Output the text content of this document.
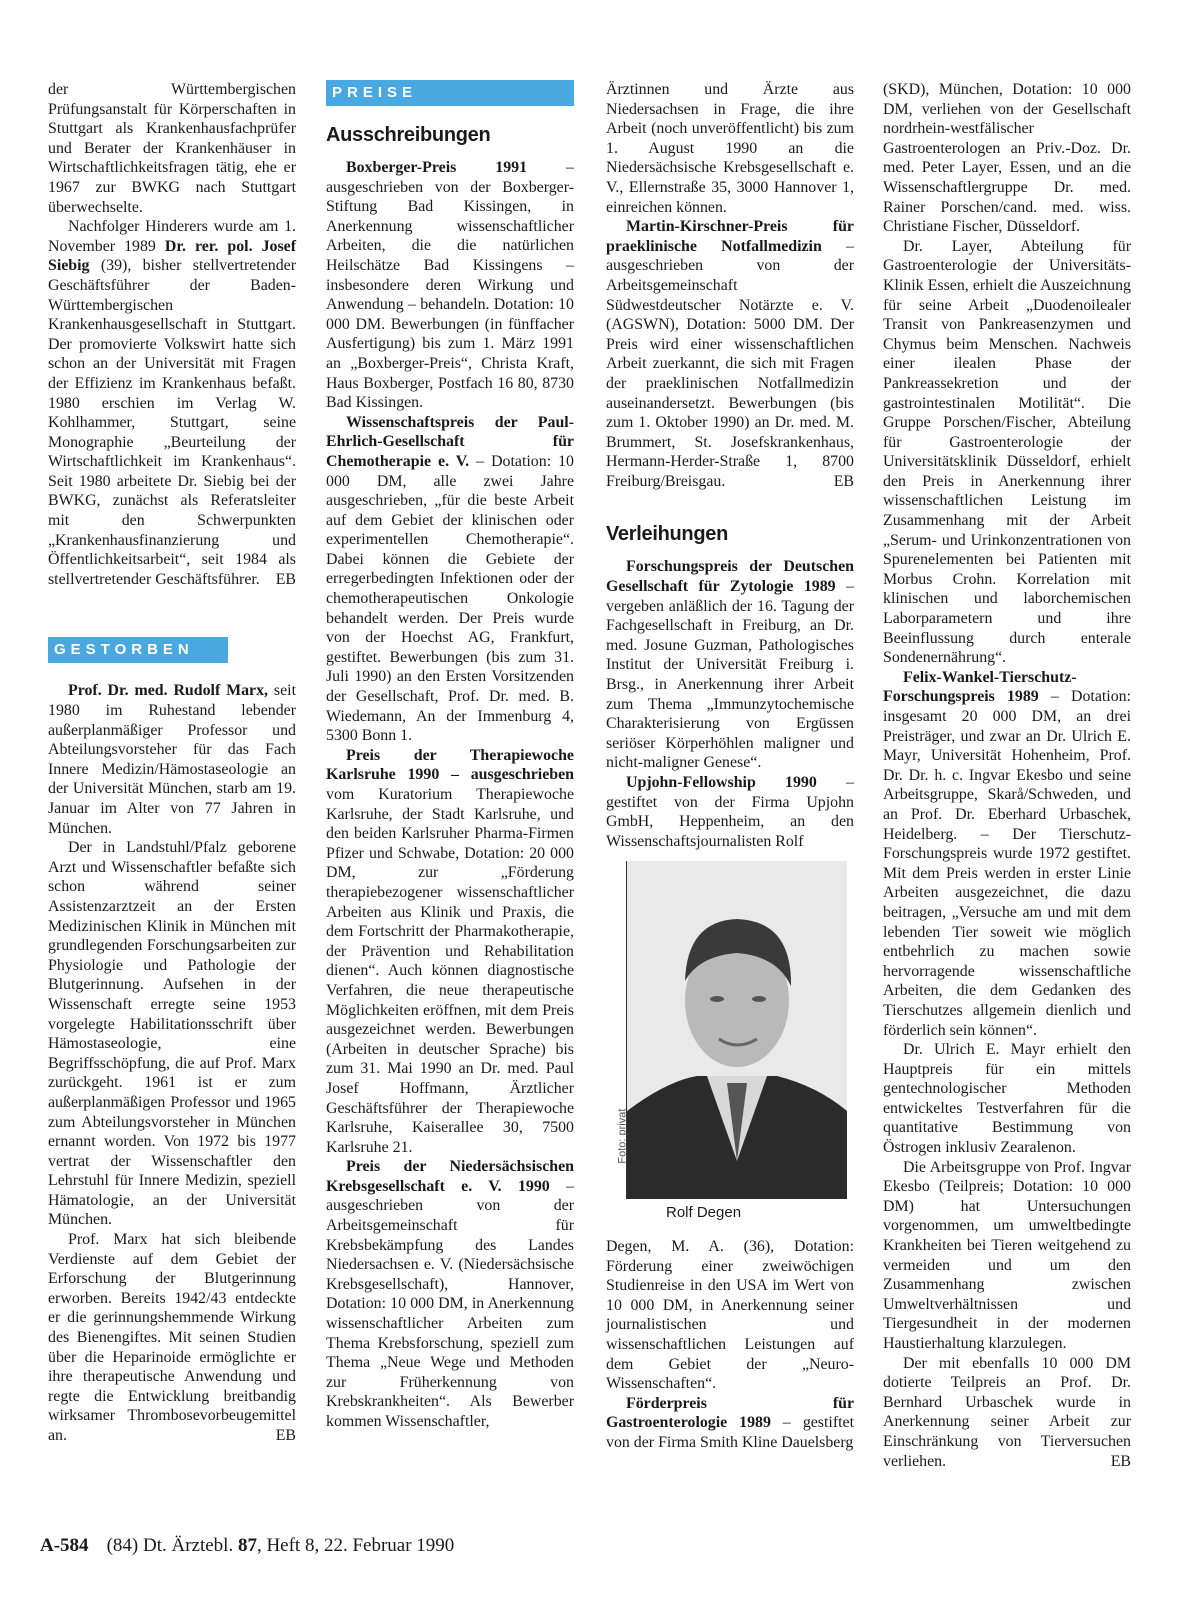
der Württembergischen Prüfungsanstalt für Körperschaften in Stuttgart als Krankenhausfachprüfer und Berater der Krankenhäuser in Wirtschaftlichkeitsfragen tätig, ehe er 1967 zur BWKG nach Stuttgart überwechselte.

Nachfolger Hinderers wurde am 1. November 1989 Dr. rer. pol. Josef Siebig (39), bisher stellvertretender Geschäftsführer der Baden-Württembergischen Krankenhausgesellschaft in Stuttgart. Der promovierte Volkswirt hatte sich schon an der Universität mit Fragen der Effizienz im Krankenhaus befaßt. 1980 erschien im Verlag W. Kohlhammer, Stuttgart, seine Monographie „Beurteilung der Wirtschaftlichkeit im Krankenhaus“. Seit 1980 arbeitete Dr. Siebig bei der BWKG, zunächst als Referatsleiter mit den Schwerpunkten „Krankenhausfinanzierung und Öffentlichkeitsarbeit“, seit 1984 als stellvertretender Geschäftsführer. EB

GESTORBEN

Prof. Dr. med. Rudolf Marx, seit 1980 im Ruhestand lebender außerplanmäßiger Professor und Abteilungsvorsteher für das Fach Innere Medizin/Hämostaseologie an der Universität München, starb am 19. Januar im Alter von 77 Jahren in München.

Der in Landstuhl/Pfalz geborene Arzt und Wissenschaftler befaßte sich schon während seiner Assistenzarztzeit an der Ersten Medizinischen Klinik in München mit grundlegenden Forschungsarbeiten zur Physiologie und Pathologie der Blutgerinnung. Aufsehen in der Wissenschaft erregte seine 1953 vorgelegte Habilitationsschrift über Hämostaseologie, eine Begriffsschöpfung, die auf Prof. Marx zurückgeht. 1961 ist er zum außerplanmäßigen Professor und 1965 zum Abteilungsvorsteher in München ernannt worden. Von 1972 bis 1977 vertrat der Wissenschaftler den Lehrstuhl für Innere Medizin, speziell Hämatologie, an der Universität München.

Prof. Marx hat sich bleibende Verdienste auf dem Gebiet der Erforschung der Blutgerinnung erworben. Bereits 1942/43 entdeckte er die gerinnungshemmende Wirkung des Bienengiftes. Mit seinen Studien über die Heparinoide ermöglichte er ihre therapeutische Anwendung und regte die Entwicklung breitbandig wirksamer Thrombosevorbeugemittel an.	EB

PREISE
Ausschreibungen

Boxberger-Preis 1991 – ausgeschrieben von der Boxberger-Stiftung Bad Kissingen, in Anerkennung wissenschaftlicher Arbeiten, die die natürlichen Heilschätze Bad Kissingens – insbesondere deren Wirkung und Anwendung – behandeln. Dotation: 10 000 DM. Bewerbungen (in fünffacher Ausfertigung) bis zum 1. März 1991 an „Boxberger-Preis“, Christa Kraft, Haus Boxberger, Postfach 16 80, 8730 Bad Kissingen.

Wissenschaftspreis der Paul-Ehrlich-Gesellschaft für Chemotherapie e. V. – Dotation: 10 000 DM, alle zwei Jahre ausgeschrieben, „für die beste Arbeit auf dem Gebiet der klinischen oder experimentellen Chemotherapie“. Dabei können die Gebiete der erregerbedingten Infektionen oder der chemotherapeutischen Onkologie behandelt werden. Der Preis wurde von der Hoechst AG, Frankfurt, gestiftet. Bewerbungen (bis zum 31. Juli 1990) an den Ersten Vorsitzenden der Gesellschaft, Prof. Dr. med. B. Wiedemann, An der Immenburg 4, 5300 Bonn 1.

Preis der Therapiewoche Karlsruhe 1990 – ausgeschrieben vom Kuratorium Therapiewoche Karlsruhe, der Stadt Karlsruhe, und den beiden Karlsruher Pharma-Firmen Pfizer und Schwabe, Dotation: 20 000 DM, zur „Förderung therapiebezogener wissenschaftlicher Arbeiten aus Klinik und Praxis, die dem Fortschritt der Pharmakotherapie, der Prävention und Rehabilitation dienen“. Auch können diagnostische Verfahren, die neue therapeutische Möglichkeiten eröffnen, mit dem Preis ausgezeichnet werden. Bewerbungen (Arbeiten in deutscher Sprache) bis zum 31. Mai 1990 an Dr. med. Paul Josef Hoffmann, Ärztlicher Geschäftsführer der Therapiewoche Karlsruhe, Kaiserallee 30, 7500 Karlsruhe 21.

Preis der Niedersächsischen Krebsgesellschaft e. V. 1990 – ausgeschrieben von der Arbeitsgemeinschaft für Krebsbekämpfung des Landes Niedersachsen e. V. (Niedersächsische Krebsgesellschaft), Hannover, Dotation: 10 000 DM, in Anerkennung wissenschaftlicher Arbeiten zum Thema Krebsforschung, speziell zum Thema „Neue Wege und Methoden zur Früherkennung von Krebskrankheiten“. Als Bewerber kommen Wissenschaftler,

Ärztinnen und Ärzte aus Niedersachsen in Frage, die ihre Arbeit (noch unveröffentlicht) bis zum 1. August 1990 an die Niedersächsische Krebsgesellschaft e. V., Ellernstraße 35, 3000 Hannover 1, einreichen können.

Martin-Kirschner-Preis für praeklinische Notfallmedizin – ausgeschrieben von der Arbeitsgemeinschaft Südwestdeutscher Notärzte e. V. (AGSWN), Dotation: 5000 DM. Der Preis wird einer wissenschaftlichen Arbeit zuerkannt, die sich mit Fragen der praeklinischen Notfallmedizin auseinandersetzt. Bewerbungen (bis zum 1. Oktober 1990) an Dr. med. M. Brummert, St. Josefskrankenhaus, Hermann-Herder-Straße 1, 8700 Freiburg/Breisgau.	EB

Verleihungen

Forschungspreis der Deutschen Gesellschaft für Zytologie 1989 – vergeben anläßlich der 16. Tagung der Fachgesellschaft in Freiburg, an Dr. med. Josune Guzman, Pathologisches Institut der Universität Freiburg i. Brsg., in Anerkennung ihrer Arbeit zum Thema „Immunzytochemische Charakterisierung von Ergüssen seriöser Körperhöhlen maligner und nicht-maligner Genese“.

Upjohn-Fellowship 1990 – gestiftet von der Firma Upjohn GmbH, Heppenheim, an den Wissenschaftsjournalisten Rolf

Foto: privat
Rolf Degen

Degen, M. A. (36), Dotation: Förderung einer zweiwöchigen Studienreise in den USA im Wert von 10 000 DM, in Anerkennung seiner journalistischen und wissenschaftlichen Leistungen auf dem Gebiet der „Neuro-Wissenschaften“.

Förderpreis für Gastroenterologie 1989 – gestiftet von der Firma Smith Kline Dauelsberg

(SKD), München, Dotation: 10 000 DM, verliehen von der Gesellschaft nordrhein-westfälischer Gastroenterologen an Priv.-Doz. Dr. med. Peter Layer, Essen, und an die Wissenschaftlergruppe Dr. med. Rainer Porschen/cand. med. wiss. Christiane Fischer, Düsseldorf.

Dr. Layer, Abteilung für Gastroenterologie der Universitäts-Klinik Essen, erhielt die Auszeichnung für seine Arbeit „Duodenoilealer Transit von Pankreasenzymen und Chymus beim Menschen. Nachweis einer ilealen Phase der Pankreassekretion und der gastrointestinalen Motilität“. Die Gruppe Porschen/Fischer, Abteilung für Gastroenterologie der Universitätsklinik Düsseldorf, erhielt den Preis in Anerkennung ihrer wissenschaftlichen Leistung im Zusammenhang mit der Arbeit „Serum- und Urinkonzentrationen von Spurenelementen bei Patienten mit Morbus Crohn. Korrelation mit klinischen und laborchemischen Laborparametern und ihre Beeinflussung durch enterale Sondenernährung“.

Felix-Wankel-Tierschutz-Forschungspreis 1989 – Dotation: insgesamt 20 000 DM, an drei Preisträger, und zwar an Dr. Ulrich E. Mayr, Universität Hohenheim, Prof. Dr. Dr. h. c. Ingvar Ekesbo und seine Arbeitsgruppe, Skarå/Schweden, und an Prof. Dr. Eberhard Urbaschek, Heidelberg. – Der Tierschutz-Forschungspreis wurde 1972 gestiftet. Mit dem Preis werden in erster Linie Arbeiten ausgezeichnet, die dazu beitragen, „Versuche am und mit dem lebenden Tier soweit wie möglich entbehrlich zu machen sowie hervorragende wissenschaftliche Arbeiten, die dem Gedanken des Tierschutzes allgemein dienlich und förderlich sein können“.

Dr. Ulrich E. Mayr erhielt den Hauptpreis für ein mittels gentechnologischer Methoden entwickeltes Testverfahren für die quantitative Bestimmung von Östrogen inklusiv Zearalenon.

Die Arbeitsgruppe von Prof. Ingvar Ekesbo (Teilpreis; Dotation: 10 000 DM) hat Untersuchungen vorgenommen, um umweltbedingte Krankheiten bei Tieren weitgehend zu vermeiden und um den Zusammenhang zwischen Umweltverhältnissen und Tiergesundheit in der modernen Haustierhaltung klarzulegen.

Der mit ebenfalls 10 000 DM dotierte Teilpreis an Prof. Dr. Bernhard Urbaschek wurde in Anerkennung seiner Arbeit zur Einschränkung von Tierversuchen verliehen.	EB

A-584 (84) Dt. Ärztebl. 87, Heft 8, 22. Februar 1990
